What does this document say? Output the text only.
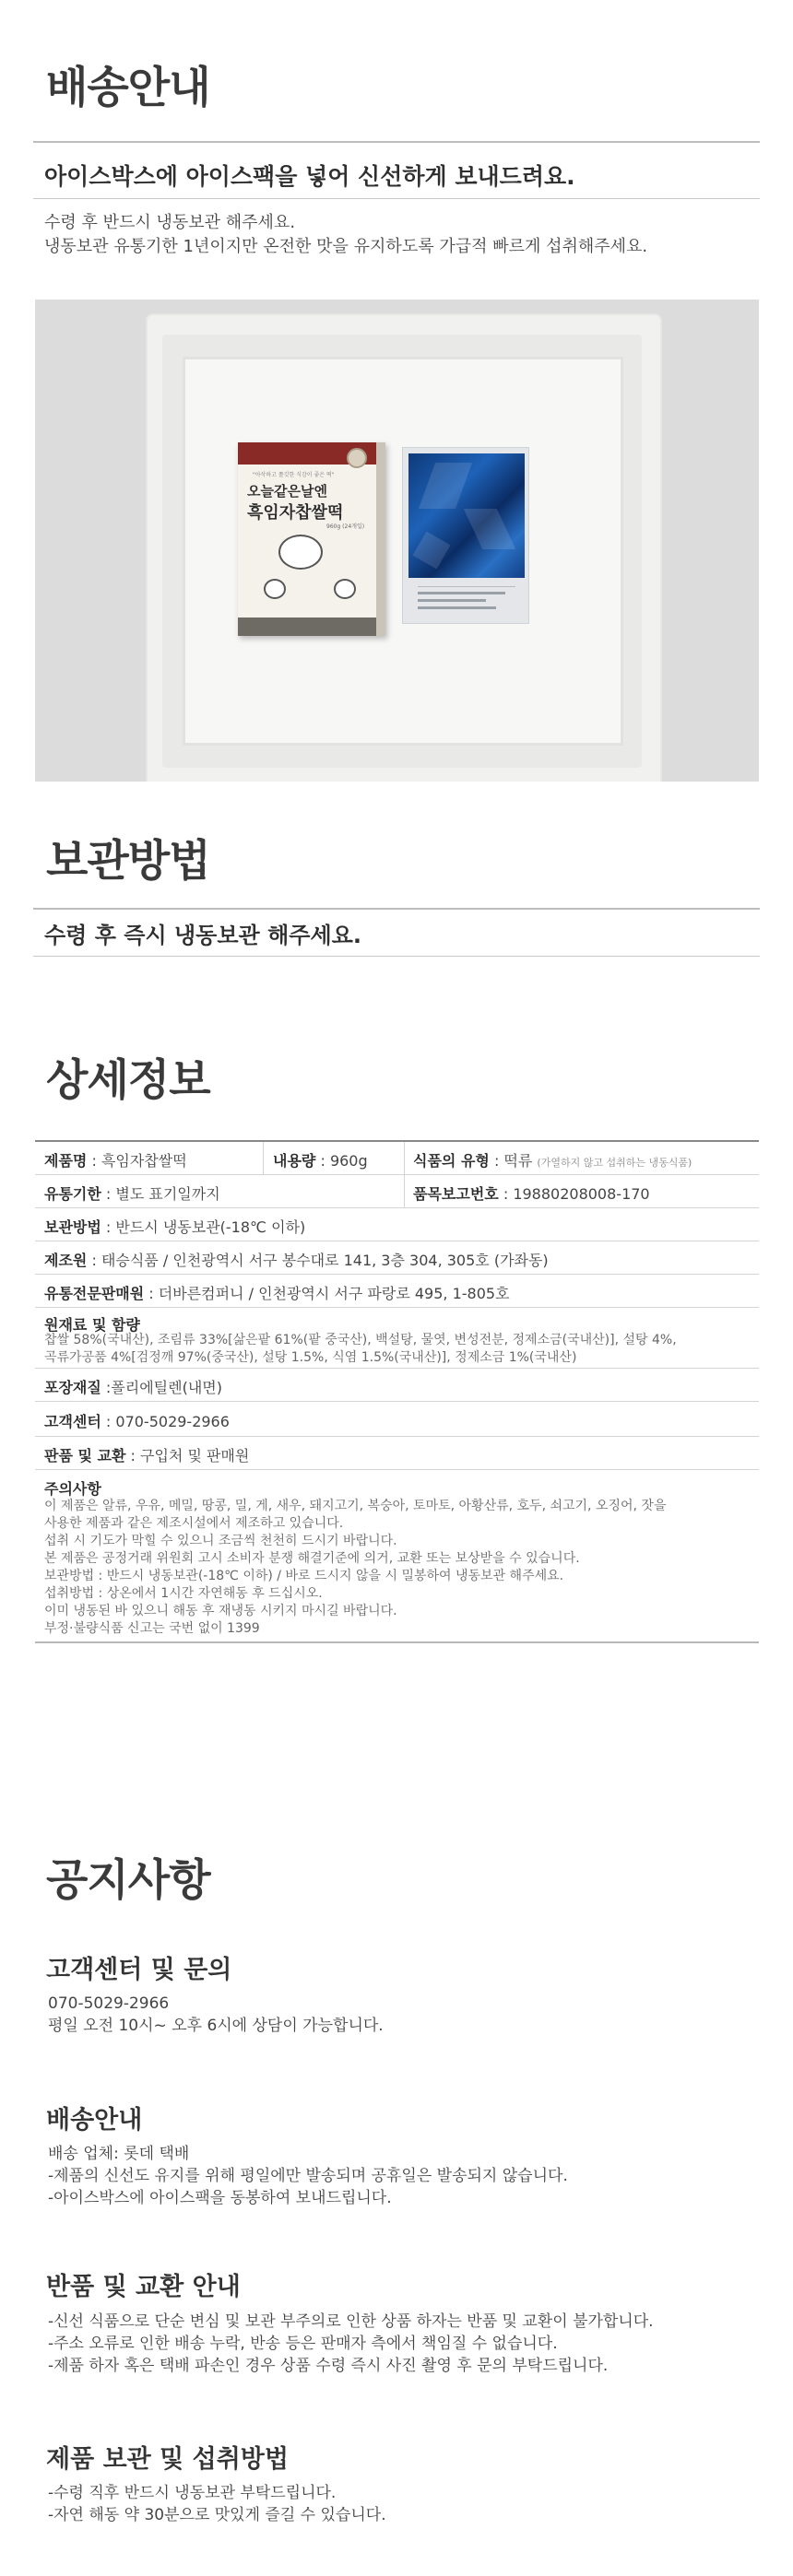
배송안내
아이스박스에 아이스팩을 넣어 신선하게 보내드려요.
수령 후 반드시 냉동보관 해주세요.
냉동보관 유통기한 1년이지만 온전한 맛을 유지하도록 가급적 빠르게 섭취해주세요.
"아삭하고 쫄깃한 식감이 좋은 떡"
오늘같은날엔
흑임자찹쌀떡
960g (24개입)
보관방법
수령 후 즉시 냉동보관 해주세요.
상세정보
제품명 : 흑임자찹쌀떡	내용량 : 960g	식품의 유형 : 떡류 (가열하지 않고 섭취하는 냉동식품)
유통기한 : 별도 표기일까지	품목보고번호 : 19880208008-170
보관방법 : 반드시 냉동보관(-18℃ 이하)
제조원 : 태승식품 / 인천광역시 서구 봉수대로 141, 3층 304, 305호 (가좌동)
유통전문판매원 : 더바른컴퍼니 / 인천광역시 서구 파랑로 495, 1-805호
원재료 및 함량
찹쌀 58%(국내산), 조림류 33%[삶은팥 61%(팥 중국산), 백설탕, 물엿, 변성전분, 정제소금(국내산)], 설탕 4%,
곡류가공품 4%[검정깨 97%(중국산), 설탕 1.5%, 식염 1.5%(국내산)], 정제소금 1%(국내산)
포장재질 :폴리에틸렌(내면)
고객센터 : 070-5029-2966
판품 및 교환 : 구입처 및 판매원
주의사항
이 제품은 알류, 우유, 메밀, 땅콩, 밀, 게, 새우, 돼지고기, 복숭아, 토마토, 아황산류, 호두, 쇠고기, 오징어, 잣을
사용한 제품과 같은 제조시설에서 제조하고 있습니다.
섭취 시 기도가 막힐 수 있으니 조금씩 천천히 드시기 바랍니다.
본 제품은 공정거래 위원회 고시 소비자 분쟁 해결기준에 의거, 교환 또는 보상받을 수 있습니다.
보관방법 : 반드시 냉동보관(-18℃ 이하) / 바로 드시지 않을 시 밀봉하여 냉동보관 해주세요.
섭취방법 : 상온에서 1시간 자연해동 후 드십시오.
이미 냉동된 바 있으니 해동 후 재냉동 시키지 마시길 바랍니다.
부정·불량식품 신고는 국번 없이 1399
공지사항
고객센터 및 문의
070-5029-2966
평일 오전 10시~ 오후 6시에 상담이 가능합니다.
배송안내
배송 업체: 롯데 택배
-제품의 신선도 유지를 위해 평일에만 발송되며 공휴일은 발송되지 않습니다.
-아이스박스에 아이스팩을 동봉하여 보내드립니다.
반품 및 교환 안내
-신선 식품으로 단순 변심 및 보관 부주의로 인한 상품 하자는 반품 및 교환이 불가합니다.
-주소 오류로 인한 배송 누락, 반송 등은 판매자 측에서 책임질 수 없습니다.
-제품 하자 혹은 택배 파손인 경우 상품 수령 즉시 사진 촬영 후 문의 부탁드립니다.
제품 보관 및 섭취방법
-수령 직후 반드시 냉동보관 부탁드립니다.
-자연 해동 약 30분으로 맛있게 즐길 수 있습니다.
